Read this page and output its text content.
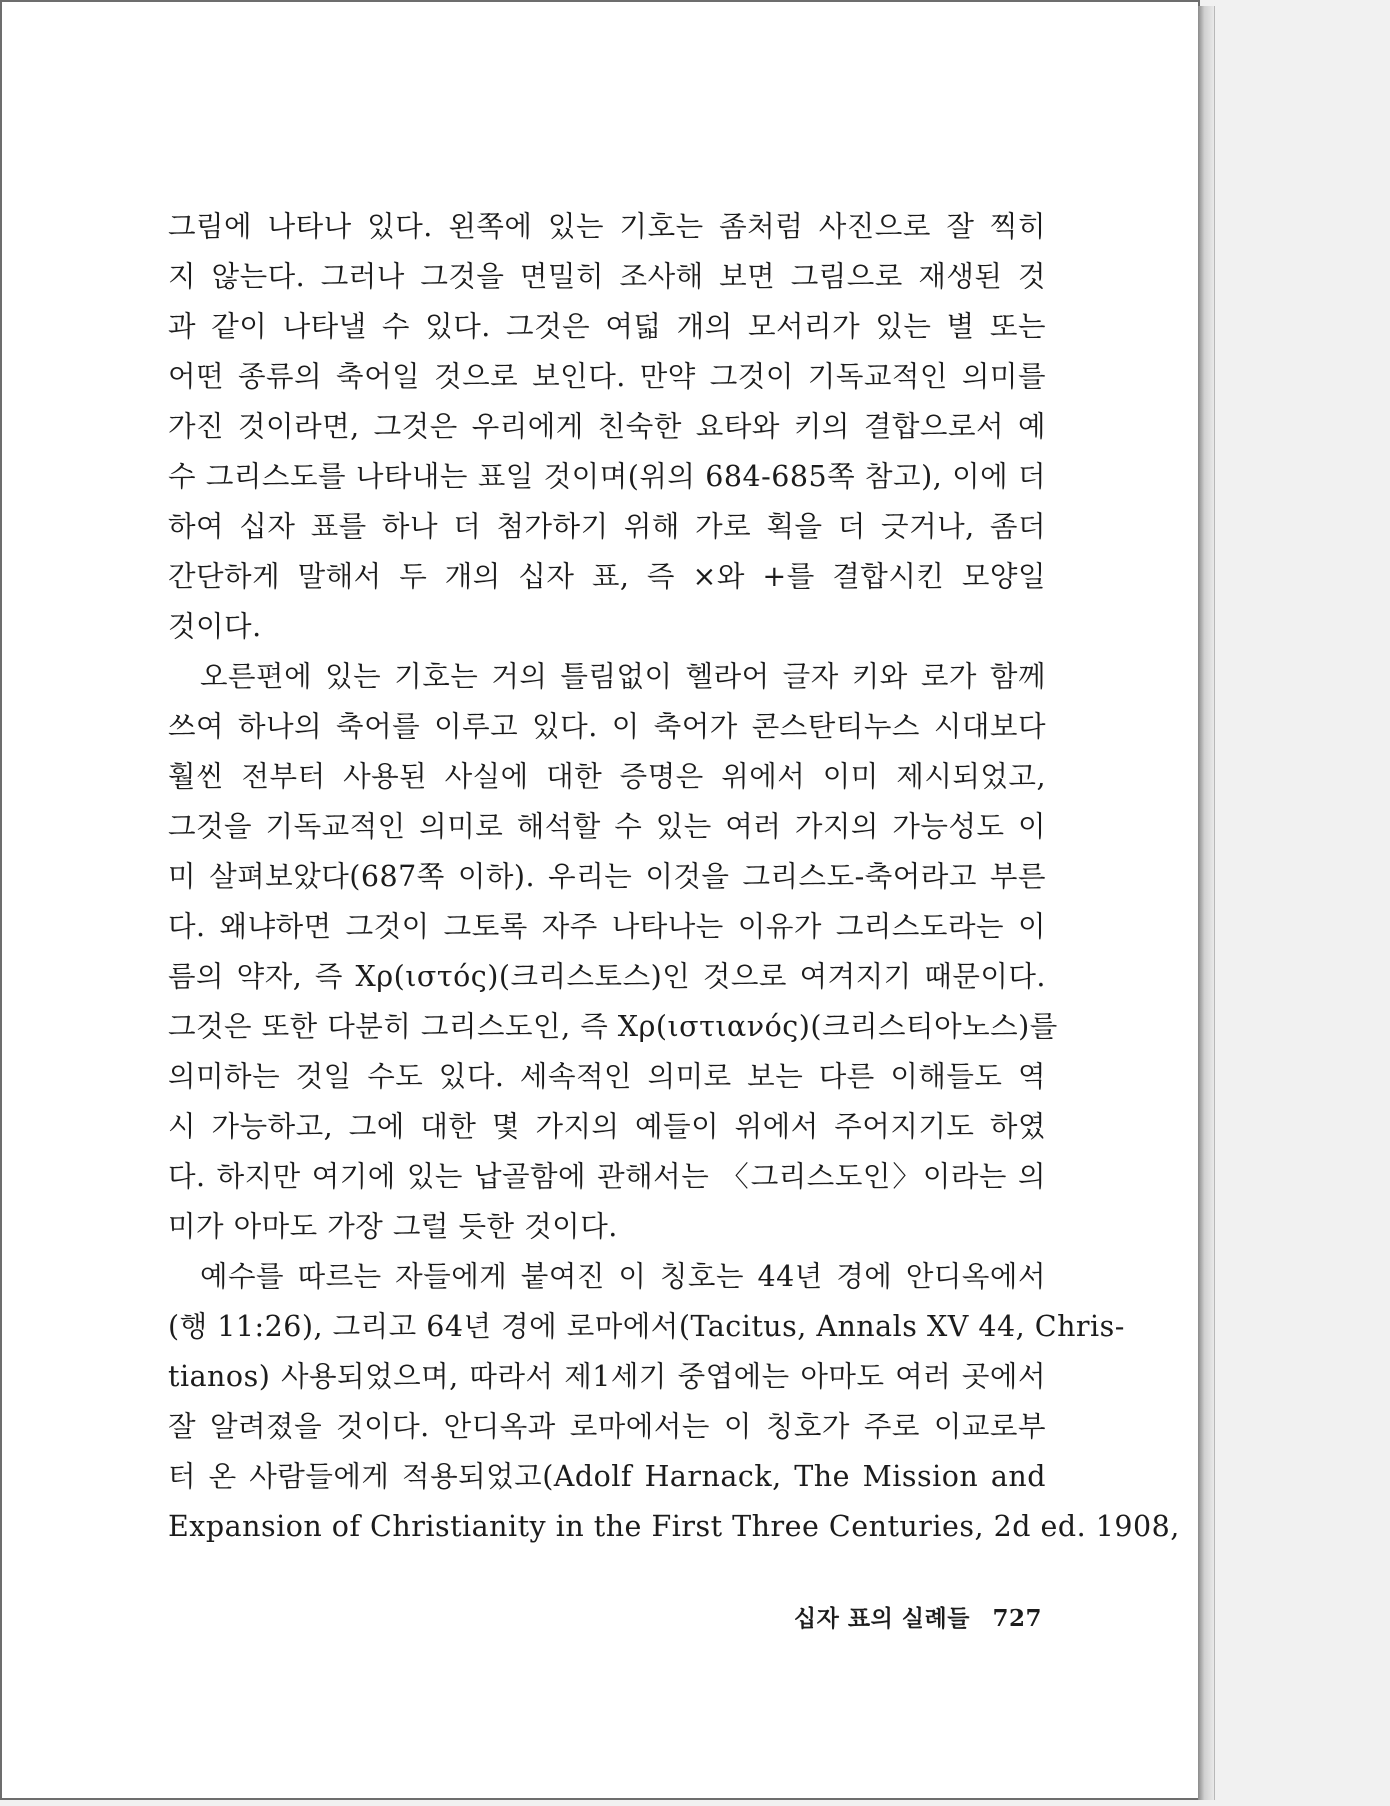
그림에 나타나 있다. 왼쪽에 있는 기호는 좀처럼 사진으로 잘 찍히
지 않는다. 그러나 그것을 면밀히 조사해 보면 그림으로 재생된 것
과 같이 나타낼 수 있다. 그것은 여덟 개의 모서리가 있는 별 또는
어떤 종류의 축어일 것으로 보인다. 만약 그것이 기독교적인 의미를
가진 것이라면, 그것은 우리에게 친숙한 요타와 키의 결합으로서 예
수 그리스도를 나타내는 표일 것이며(위의 684-685쪽 참고), 이에 더
하여 십자 표를 하나 더 첨가하기 위해 가로 획을 더 긋거나, 좀더
간단하게 말해서 두 개의 십자 표, 즉 ×와 +를 결합시킨 모양일
것이다.
오른편에 있는 기호는 거의 틀림없이 헬라어 글자 키와 로가 함께
쓰여 하나의 축어를 이루고 있다. 이 축어가 콘스탄티누스 시대보다
훨씬 전부터 사용된 사실에 대한 증명은 위에서 이미 제시되었고,
그것을 기독교적인 의미로 해석할 수 있는 여러 가지의 가능성도 이
미 살펴보았다(687쪽 이하). 우리는 이것을 그리스도-축어라고 부른
다. 왜냐하면 그것이 그토록 자주 나타나는 이유가 그리스도라는 이
름의 약자, 즉 Χρ(ιστός)(크리스토스)인 것으로 여겨지기 때문이다.
그것은 또한 다분히 그리스도인, 즉 Χρ(ιστιανός)(크리스티아노스)를
의미하는 것일 수도 있다. 세속적인 의미로 보는 다른 이해들도 역
시 가능하고, 그에 대한 몇 가지의 예들이 위에서 주어지기도 하였
다. 하지만 여기에 있는 납골함에 관해서는 〈그리스도인〉이라는 의
미가 아마도 가장 그럴 듯한 것이다.
예수를 따르는 자들에게 붙여진 이 칭호는 44년 경에 안디옥에서
(행 11:26), 그리고 64년 경에 로마에서(Tacitus, Annals XV 44, Chris-
tianos) 사용되었으며, 따라서 제1세기 중엽에는 아마도 여러 곳에서
잘 알려졌을 것이다. 안디옥과 로마에서는 이 칭호가 주로 이교로부
터 온 사람들에게 적용되었고(Adolf Harnack, The Mission and
Expansion of Christianity in the First Three Centuries, 2d ed. 1908,
십자 표의 실례들 727
